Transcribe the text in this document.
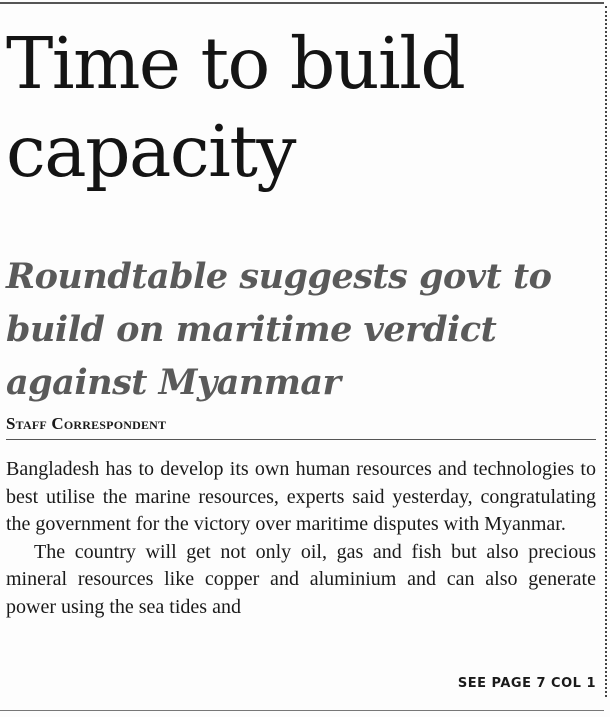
Time to build capacity
Roundtable suggests govt to build on maritime verdict against Myanmar
Staff Correspondent

Bangladesh has to develop its own human resources and technologies to best utilise the marine resources, experts said yesterday, congratulating the government for the victory over maritime disputes with Myanmar.

The country will get not only oil, gas and fish but also precious mineral resources like copper and aluminium and can also generate power using the sea tides and

SEE PAGE 7 COL 1
